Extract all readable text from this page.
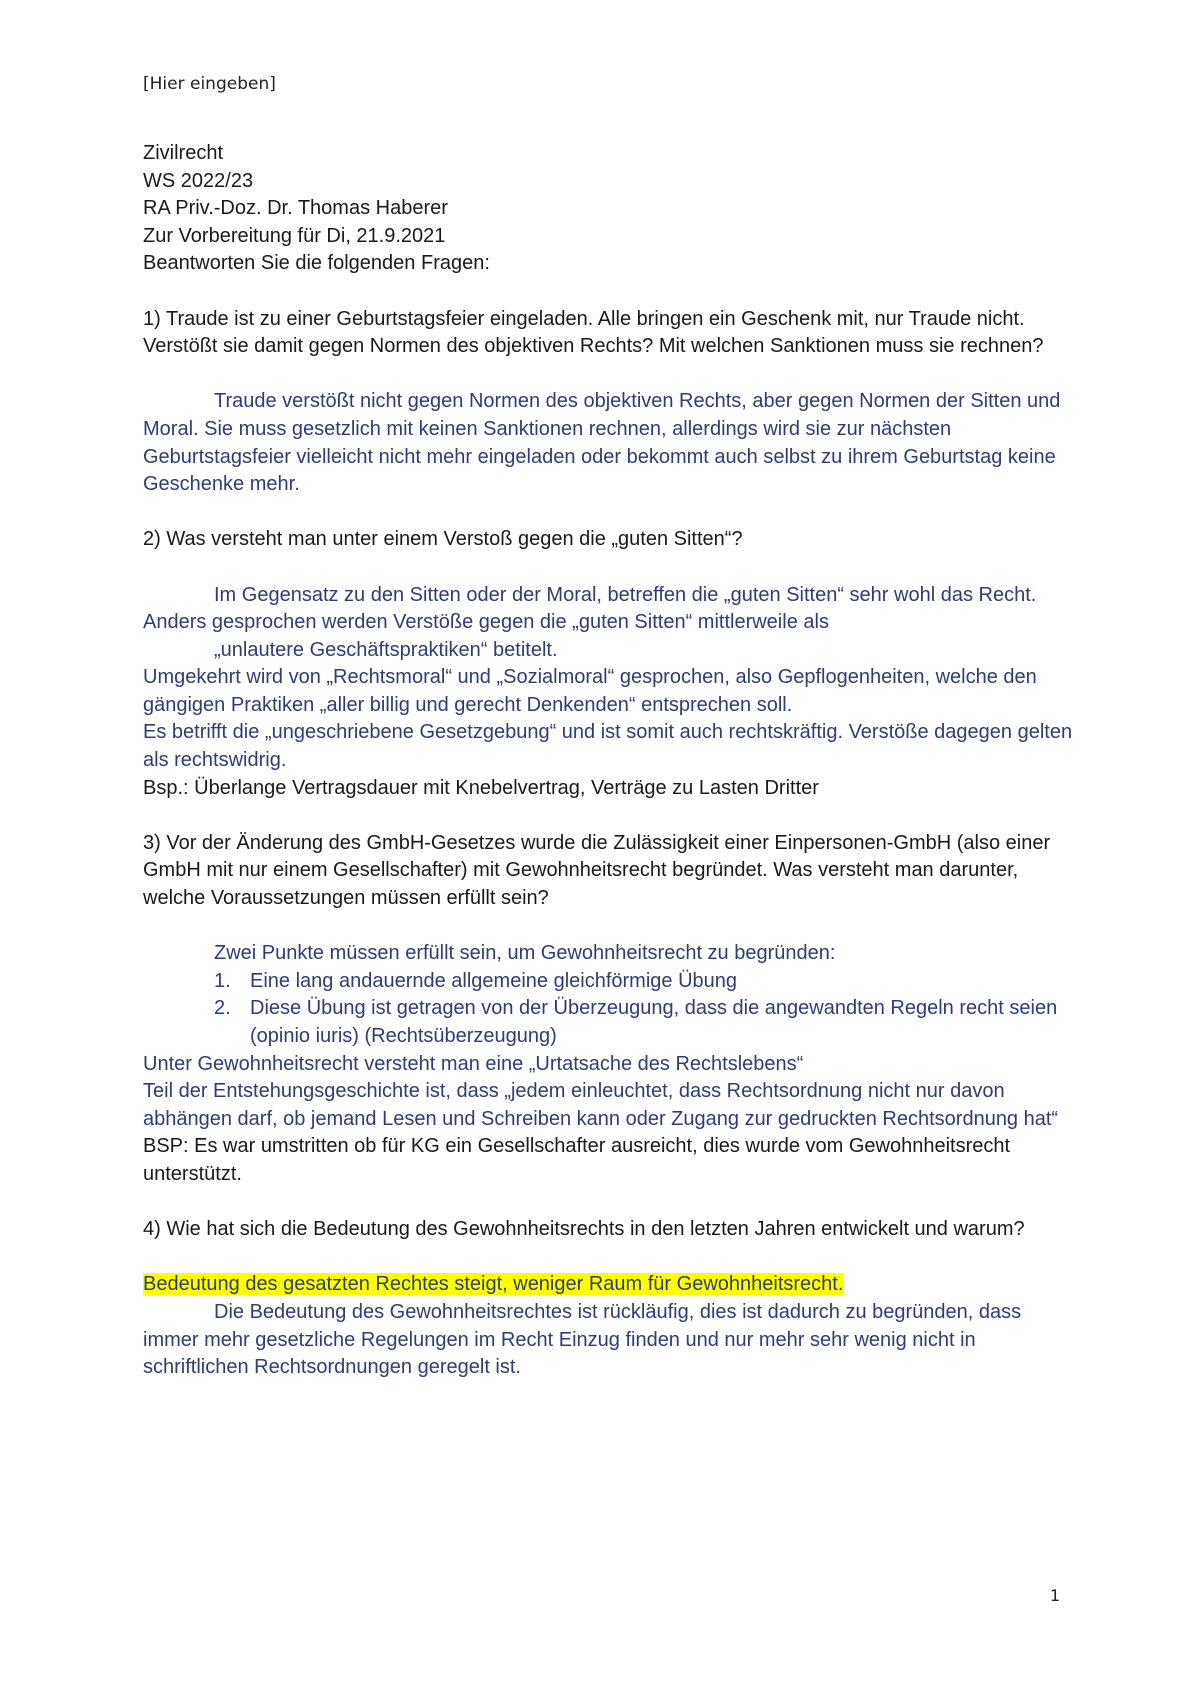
[Hier eingeben]
Zivilrecht
WS 2022/23
RA Priv.-Doz. Dr. Thomas Haberer
Zur Vorbereitung für Di, 21.9.2021
Beantworten Sie die folgenden Fragen:
1) Traude ist zu einer Geburtstagsfeier eingeladen. Alle bringen ein Geschenk mit, nur Traude nicht.
Verstößt sie damit gegen Normen des objektiven Rechts? Mit welchen Sanktionen muss sie rechnen?
Traude verstößt nicht gegen Normen des objektiven Rechts, aber gegen Normen der Sitten und Moral. Sie muss gesetzlich mit keinen Sanktionen rechnen, allerdings wird sie zur nächsten Geburtstagsfeier vielleicht nicht mehr eingeladen oder bekommt auch selbst zu ihrem Geburtstag keine Geschenke mehr.
2) Was versteht man unter einem Verstoß gegen die „guten Sitten“?
Im Gegensatz zu den Sitten oder der Moral, betreffen die „guten Sitten“ sehr wohl das Recht. Anders gesprochen werden Verstöße gegen die „guten Sitten“ mittlerweile als
„unlautere Geschäftspraktiken“ betitelt.
Umgekehrt wird von „Rechtsmoral“ und „Sozialmoral“ gesprochen, also Gepflogenheiten, welche den gängigen Praktiken „aller billig und gerecht Denkenden“ entsprechen soll.
Es betrifft die „ungeschriebene Gesetzgebung“ und ist somit auch rechtskräftig. Verstöße dagegen gelten als rechtswidrig.
Bsp.: Überlange Vertragsdauer mit Knebelvertrag, Verträge zu Lasten Dritter
3) Vor der Änderung des GmbH-Gesetzes wurde die Zulässigkeit einer Einpersonen-GmbH (also einer GmbH mit nur einem Gesellschafter) mit Gewohnheitsrecht begründet. Was versteht man darunter, welche Voraussetzungen müssen erfüllt sein?
Zwei Punkte müssen erfüllt sein, um Gewohnheitsrecht zu begründen:
1. Eine lang andauernde allgemeine gleichförmige Übung
2. Diese Übung ist getragen von der Überzeugung, dass die angewandten Regeln recht seien (opinio iuris) (Rechtsüberzeugung)
Unter Gewohnheitsrecht versteht man eine „Urtatsache des Rechtslebens“
Teil der Entstehungsgeschichte ist, dass „jedem einleuchtet, dass Rechtsordnung nicht nur davon abhängen darf, ob jemand Lesen und Schreiben kann oder Zugang zur gedruckten Rechtsordnung hat“
BSP: Es war umstritten ob für KG ein Gesellschafter ausreicht, dies wurde vom Gewohnheitsrecht unterstützt.
4) Wie hat sich die Bedeutung des Gewohnheitsrechts in den letzten Jahren entwickelt und warum?
Bedeutung des gesatzten Rechtes steigt, weniger Raum für Gewohnheitsrecht.
Die Bedeutung des Gewohnheitsrechtes ist rückläufig, dies ist dadurch zu begründen, dass immer mehr gesetzliche Regelungen im Recht Einzug finden und nur mehr sehr wenig nicht in schriftlichen Rechtsordnungen geregelt ist.
1
